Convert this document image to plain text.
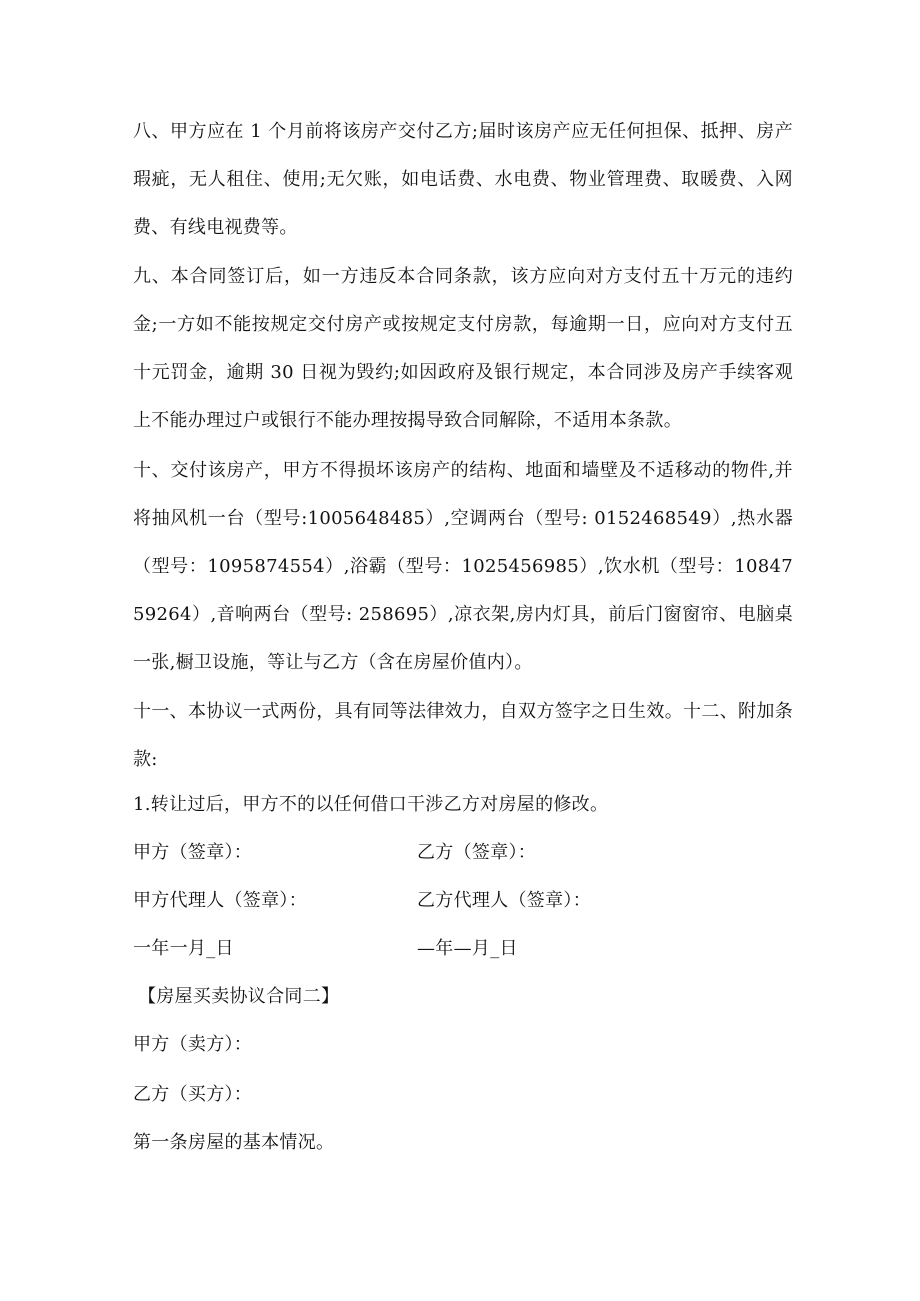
八、甲方应在 1 个月前将该房产交付乙方;届时该房产应无任何担保、抵押、房产瑕疵，无人租住、使用;无欠账，如电话费、水电费、物业管理费、取暖费、入网费、有线电视费等。

九、本合同签订后，如一方违反本合同条款，该方应向对方支付五十万元的违约金;一方如不能按规定交付房产或按规定支付房款，每逾期一日，应向对方支付五十元罚金，逾期 30 日视为毁约;如因政府及银行规定，本合同涉及房产手续客观上不能办理过户或银行不能办理按揭导致合同解除，不适用本条款。

十、交付该房产，甲方不得损坏该房产的结构、地面和墙壁及不适移动的物件,并将抽风机一台（型号:1005648485）,空调两台（型号: 0152468549）,热水器（型号：1095874554）,浴霸（型号：1025456985）,饮水机（型号：1084759264）,音响两台（型号: 258695）,凉衣架,房内灯具，前后门窗窗帘、电脑桌一张,橱卫设施，等让与乙方（含在房屋价值内）。

十一、本协议一式两份，具有同等法律效力，自双方签字之日生效。十二、附加条款:

1.转让过后，甲方不的以任何借口干涉乙方对房屋的修改。
甲方（签章）：	乙方（签章）：
甲方代理人（签章）：	乙方代理人（签章）：
一年一月_日	—年—月_日
【房屋买卖协议合同二】
甲方（卖方）：
乙方（买方）：
第一条房屋的基本情况。
